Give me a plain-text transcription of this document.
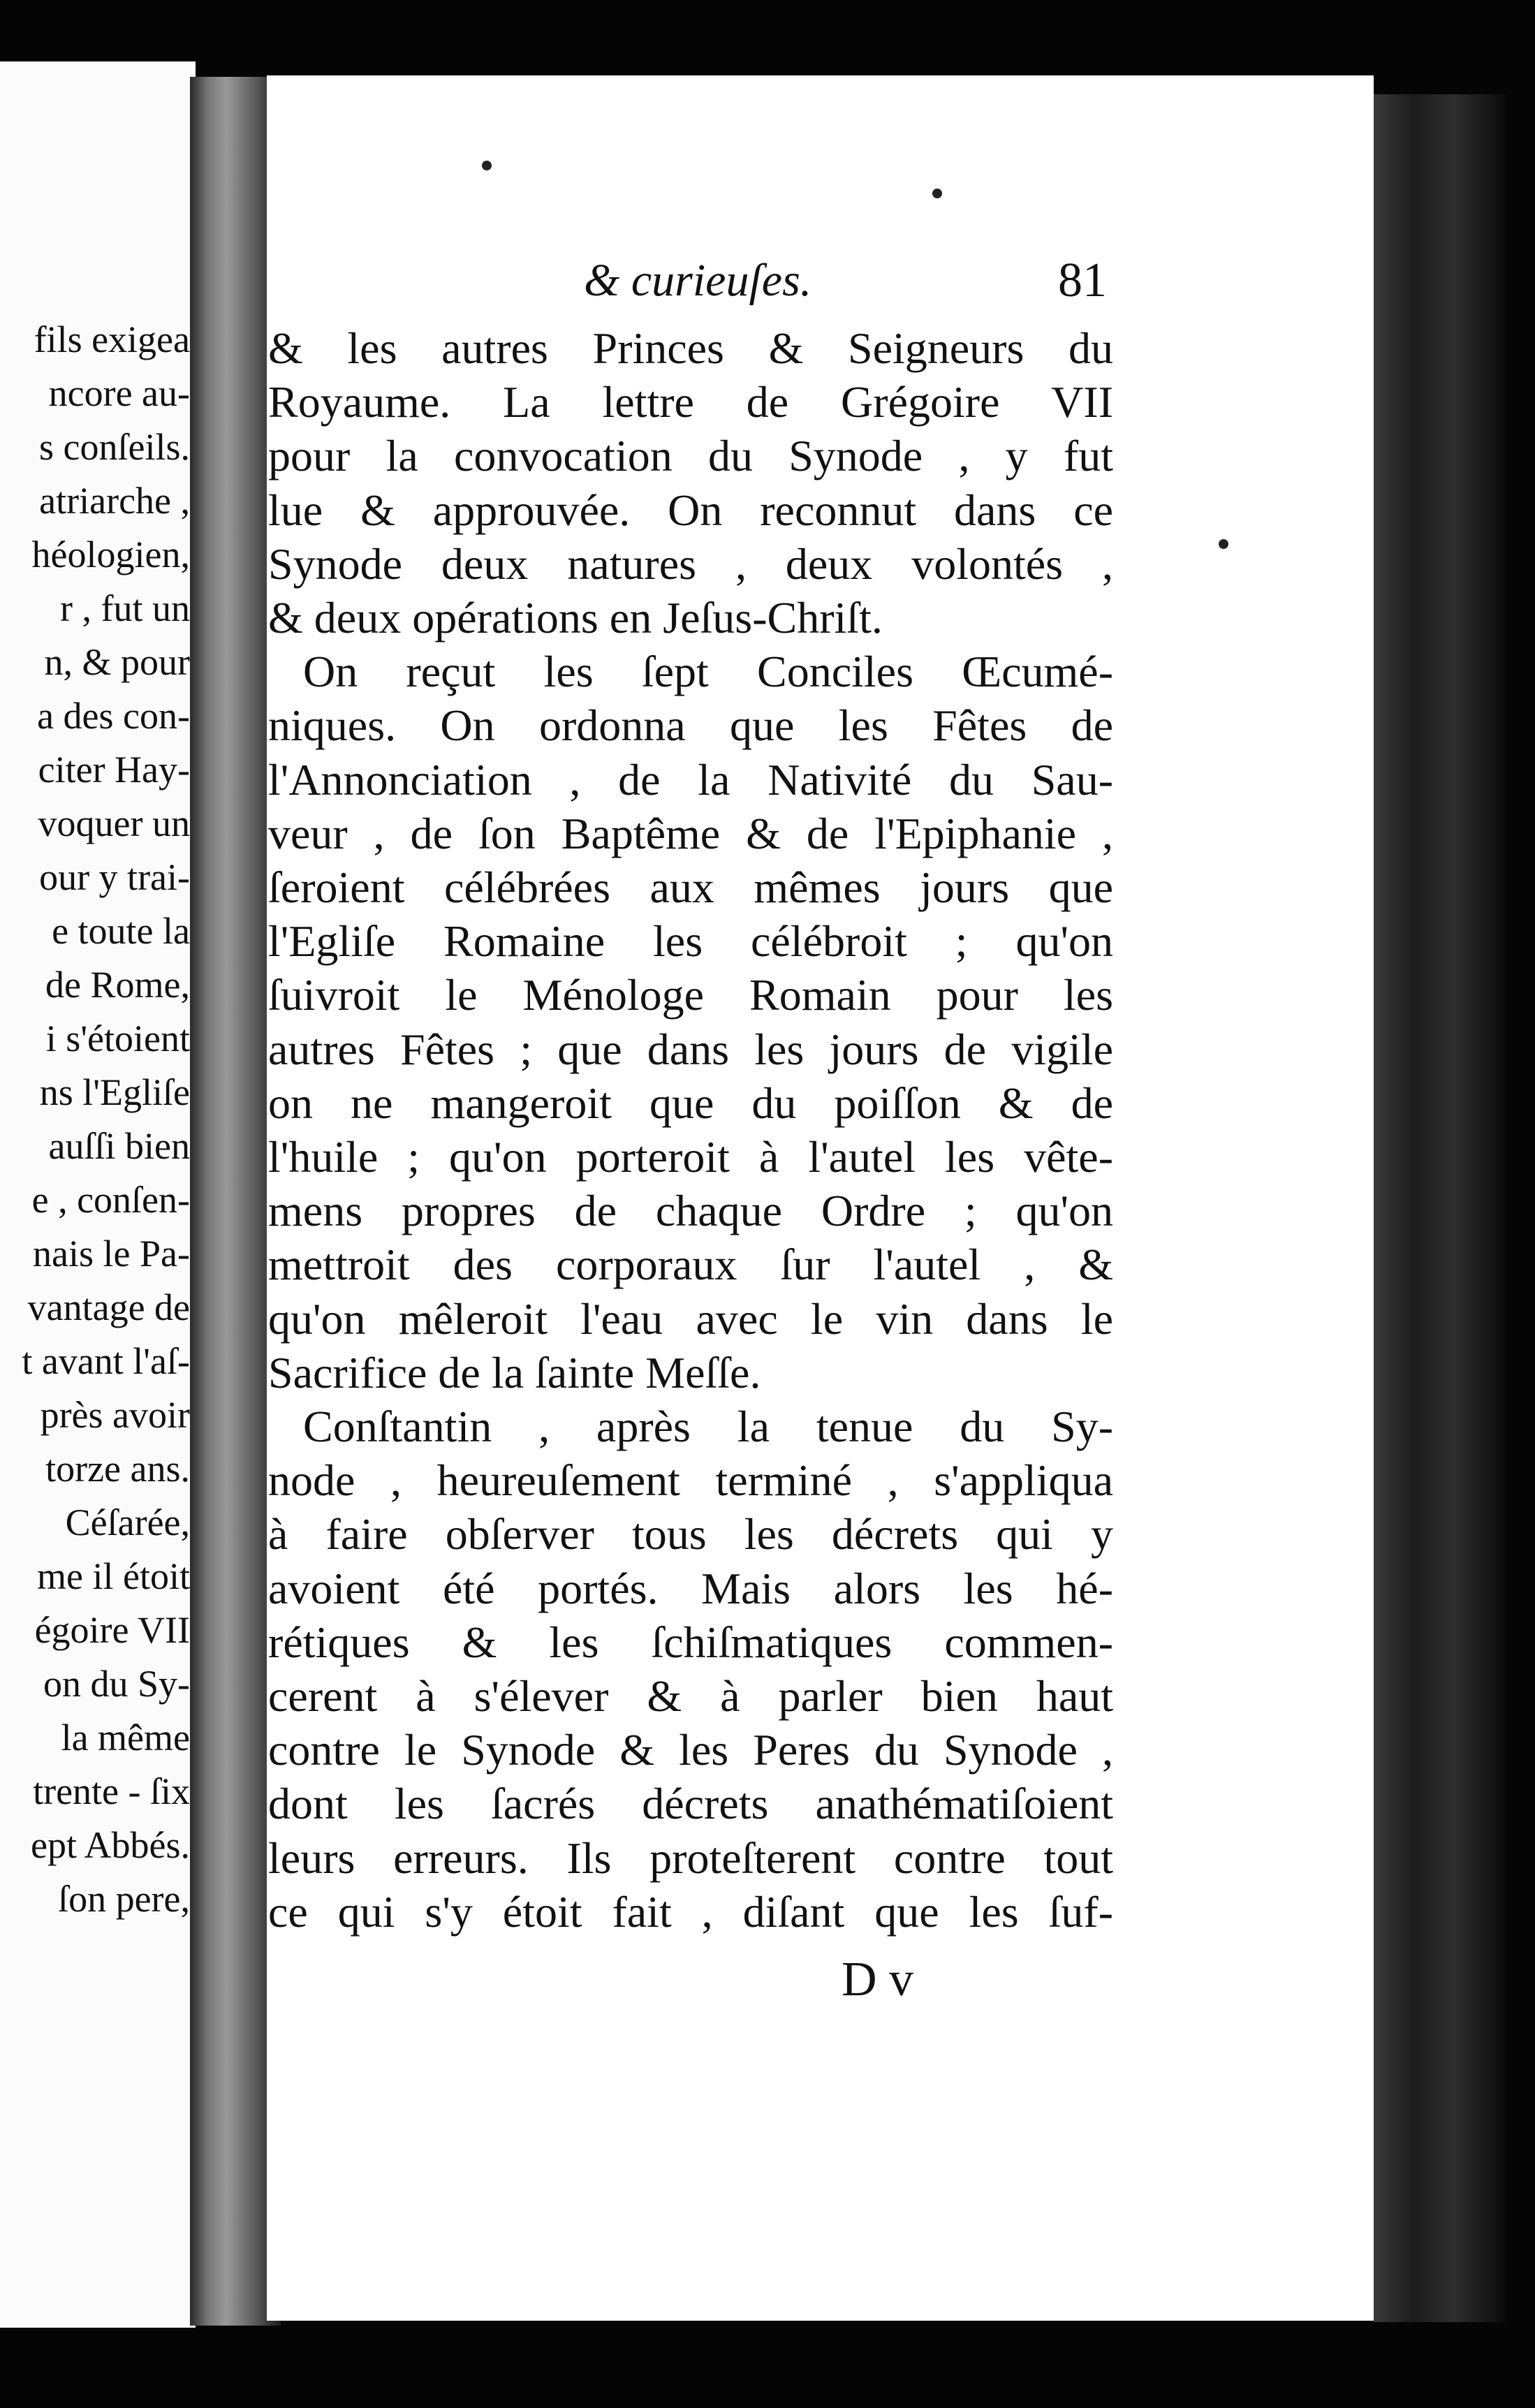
fils exigea
ncore au-
s conſeils.
atriarche ,
héologien,
r , fut un
n, & pour
a des con-
citer Hay-
voquer un
our y trai-
e toute la
de Rome,
i s'étoient
ns l'Egliſe
auſſi bien
e , conſen-
nais le Pa-
vantage de
t avant l'aſ-
près avoir
torze ans.
Céſarée,
me il étoit
égoire VII
on du Sy-
la même
trente - ſix
ept Abbés.
ſon pere,
& curieuſes.	81
& les autres Princes & Seigneurs du
Royaume. La lettre de Grégoire VII
pour la convocation du Synode , y fut
lue & approuvée. On reconnut dans ce
Synode deux natures , deux volontés ,
& deux opérations en Jeſus-Chriſt.
On reçut les ſept Conciles Œcumé-
niques. On ordonna que les Fêtes de
l'Annonciation , de la Nativité du Sau-
veur , de ſon Baptême & de l'Epiphanie ,
ſeroient célébrées aux mêmes jours que
l'Egliſe Romaine les célébroit ; qu'on
ſuivroit le Ménologe Romain pour les
autres Fêtes ; que dans les jours de vigile
on ne mangeroit que du poiſſon & de
l'huile ; qu'on porteroit à l'autel les vête-
mens propres de chaque Ordre ; qu'on
mettroit des corporaux ſur l'autel , &
qu'on mêleroit l'eau avec le vin dans le
Sacrifice de la ſainte Meſſe.
Conſtantin , après la tenue du Sy-
node , heureuſement terminé , s'appliqua
à faire obſerver tous les décrets qui y
avoient été portés. Mais alors les hé-
rétiques & les ſchiſmatiques commen-
cerent à s'élever & à parler bien haut
contre le Synode & les Peres du Synode ,
dont les ſacrés décrets anathématiſoient
leurs erreurs. Ils proteſterent contre tout
ce qui s'y étoit fait , diſant que les ſuf-
D v
